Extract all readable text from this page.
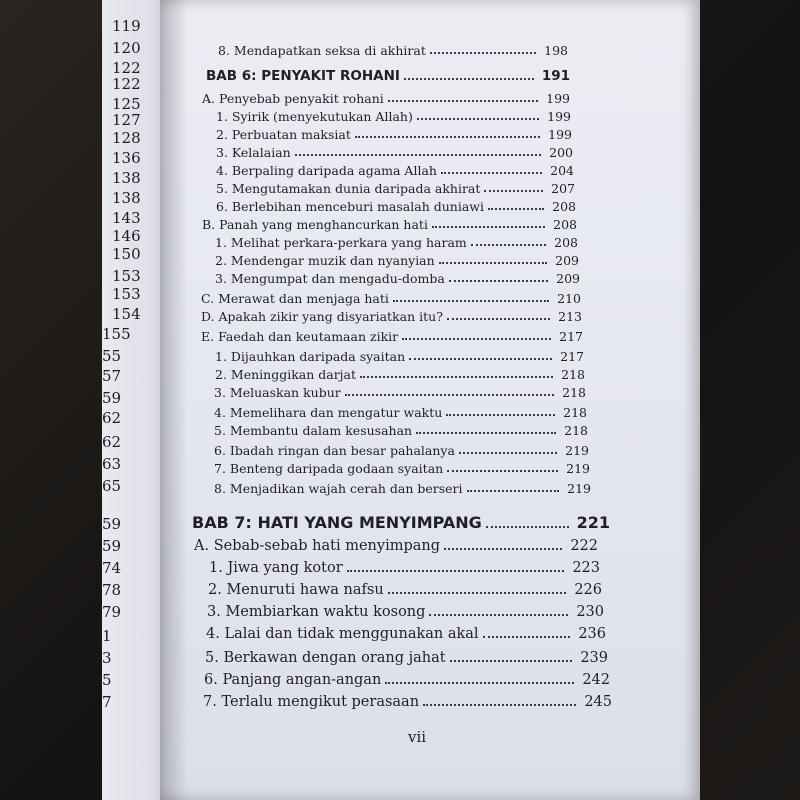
119
120
122
122
125
127
128
136
138
138
143
146
150
153
153
154
155
55
57
59
62
62
63
65
59
59
74
78
79
1
3
5
7
8. Mendapatkan seksa di akhirat	198
BAB 6: PENYAKIT ROHANI	191
A. Penyebab penyakit rohani	199
1. Syirik (menyekutukan Allah)	199
2. Perbuatan maksiat	199
3. Kelalaian	200
4. Berpaling daripada agama Allah	204
5. Mengutamakan dunia daripada akhirat	207
6. Berlebihan menceburi masalah duniawi	208
B. Panah yang menghancurkan hati	208
1. Melihat perkara-perkara yang haram	208
2. Mendengar muzik dan nyanyian	209
3. Mengumpat dan mengadu-domba	209
C. Merawat dan menjaga hati	210
D. Apakah zikir yang disyariatkan itu?	213
E. Faedah dan keutamaan zikir	217
1. Dijauhkan daripada syaitan	217
2. Meninggikan darjat	218
3. Meluaskan kubur	218
4. Memelihara dan mengatur waktu	218
5. Membantu dalam kesusahan	218
6. Ibadah ringan dan besar pahalanya	219
7. Benteng daripada godaan syaitan	219
8. Menjadikan wajah cerah dan berseri	219
BAB 7: HATI YANG MENYIMPANG	221
A. Sebab-sebab hati menyimpang	222
1. Jiwa yang kotor	223
2. Menuruti hawa nafsu	226
3. Membiarkan waktu kosong	230
4. Lalai dan tidak menggunakan akal	236
5. Berkawan dengan orang jahat	239
6. Panjang angan-angan	242
7. Terlalu mengikut perasaan	245
vii
